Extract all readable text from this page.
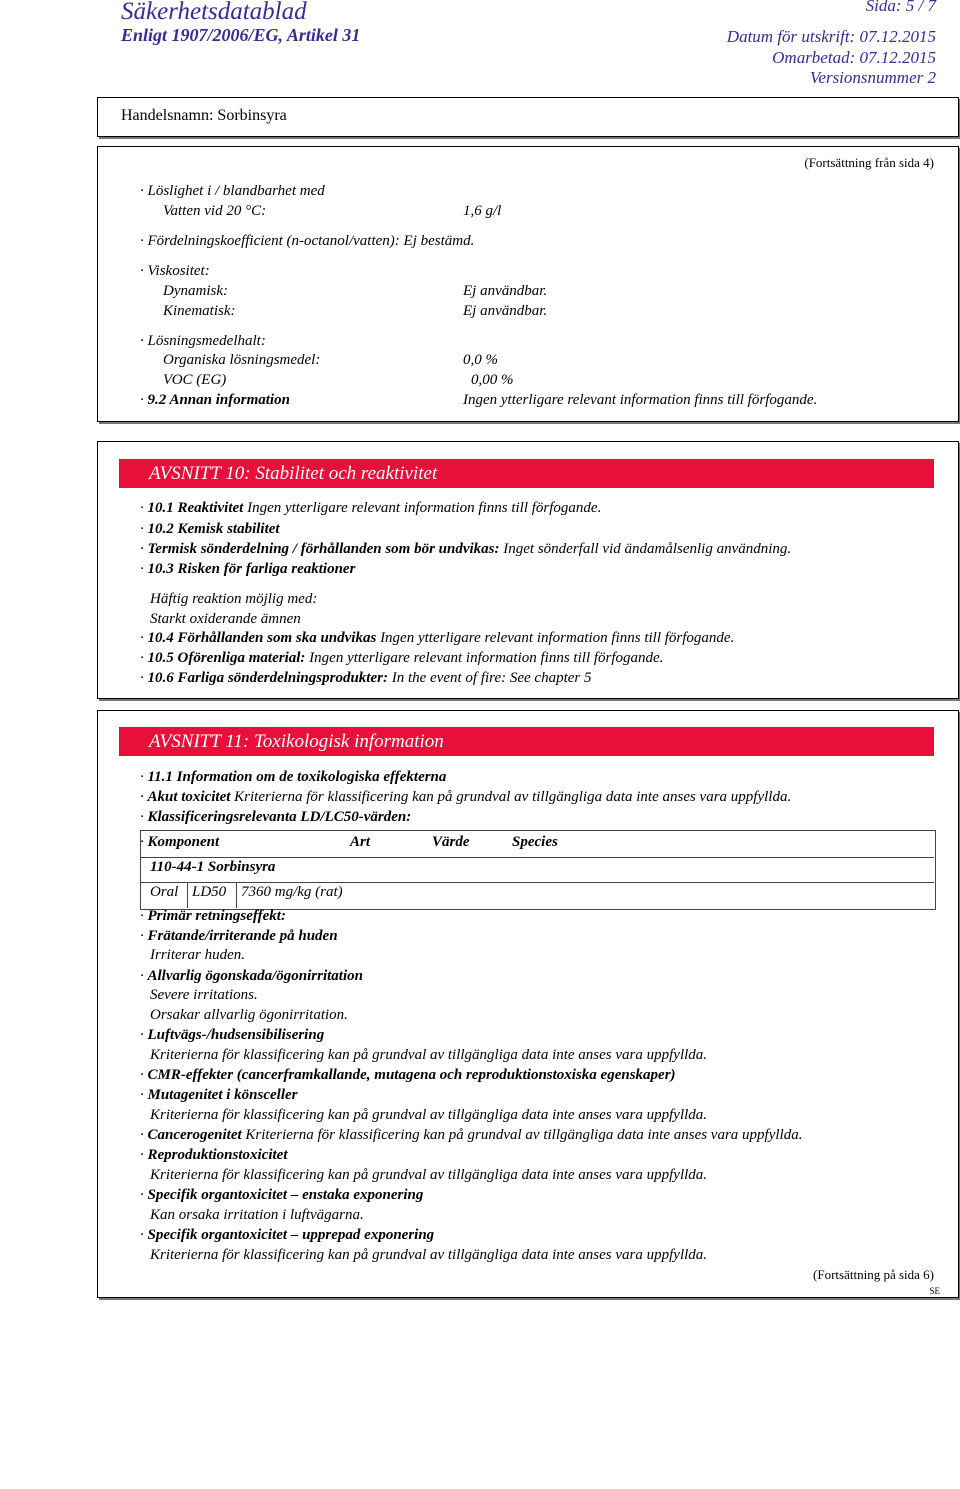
Säkerhetsdatablad
Enligt 1907/2006/EG, Artikel 31
Sida: 5 / 7
Datum för utskrift: 07.12.2015
Omarbetad: 07.12.2015
Versionsnummer 2
Handelsnamn: Sorbinsyra
(Fortsättning från sida 4)
· Löslighet i / blandbarhet med
Vatten vid 20 °C:	1,6 g/l
· Fördelningskoefficient (n-octanol/vatten): Ej bestämd.
· Viskositet:
Dynamisk:	Ej användbar.
Kinematisk:	Ej användbar.
· Lösningsmedelhalt:
Organiska lösningsmedel:	0,0 %
VOC (EG)	0,00 %
· 9.2 Annan information	Ingen ytterligare relevant information finns till förfogande.
AVSNITT 10: Stabilitet och reaktivitet
· 10.1 Reaktivitet Ingen ytterligare relevant information finns till förfogande.
· 10.2 Kemisk stabilitet
· Termisk sönderdelning / förhållanden som bör undvikas: Inget sönderfall vid ändamålsenlig användning.
· 10.3 Risken för farliga reaktioner
Häftig reaktion möjlig med:
Starkt oxiderande ämnen
· 10.4 Förhållanden som ska undvikas Ingen ytterligare relevant information finns till förfogande.
· 10.5 Oförenliga material: Ingen ytterligare relevant information finns till förfogande.
· 10.6 Farliga sönderdelningsprodukter: In the event of fire: See chapter 5
AVSNITT 11: Toxikologisk information
· 11.1 Information om de toxikologiska effekterna
· Akut toxicitet Kriterierna för klassificering kan på grundval av tillgängliga data inte anses vara uppfyllda.
· Klassificeringsrelevanta LD/LC50-värden:
· Komponent	Art	Värde	Species
110-44-1 Sorbinsyra
Oral LD50 7360 mg/kg (rat)
· Primär retningseffekt:
· Frätande/irriterande på huden
Irriterar huden.
· Allvarlig ögonskada/ögonirritation
Severe irritations.
Orsakar allvarlig ögonirritation.
· Luftvägs-/hudsensibilisering
Kriterierna för klassificering kan på grundval av tillgängliga data inte anses vara uppfyllda.
· CMR-effekter (cancerframkallande, mutagena och reproduktionstoxiska egenskaper)
· Mutagenitet i könsceller
Kriterierna för klassificering kan på grundval av tillgängliga data inte anses vara uppfyllda.
· Cancerogenitet Kriterierna för klassificering kan på grundval av tillgängliga data inte anses vara uppfyllda.
· Reproduktionstoxicitet
Kriterierna för klassificering kan på grundval av tillgängliga data inte anses vara uppfyllda.
· Specifik organtoxicitet – enstaka exponering
Kan orsaka irritation i luftvägarna.
· Specifik organtoxicitet – upprepad exponering
Kriterierna för klassificering kan på grundval av tillgängliga data inte anses vara uppfyllda.
(Fortsättning på sida 6)
SE
